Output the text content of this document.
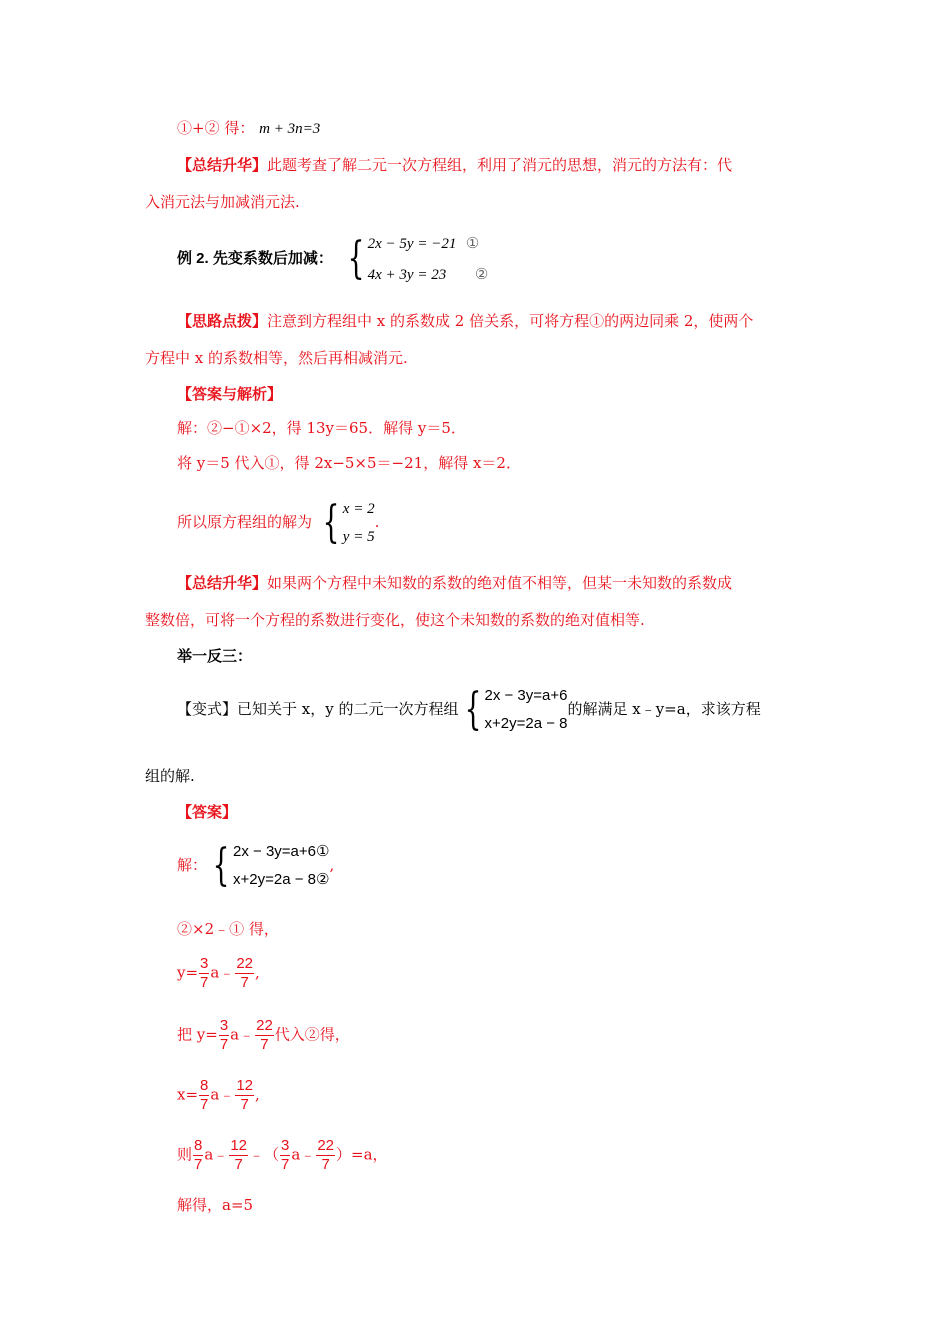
①+② 得： m + 3n=3
【总结升华】此题考查了解二元一次方程组，利用了消元的思想，消元的方法有：代
入消元法与加减消元法.
例 2. 先变系数后加减： { 2x − 5y = −21 ①
4x + 3y = 23 ②
【思路点拨】注意到方程组中 x 的系数成 2 倍关系，可将方程①的两边同乘 2，使两个
方程中 x 的系数相等，然后再相减消元.
【答案与解析】
解：②−①×2，得 13y＝65．解得 y＝5．
将 y＝5 代入①，得 2x−5×5＝−21，解得 x＝2．
所以原方程组的解为 { x = 2
y = 5
.
【总结升华】如果两个方程中未知数的系数的绝对值不相等，但某一未知数的系数成
整数倍，可将一个方程的系数进行变化，使这个未知数的系数的绝对值相等.
举一反三：
【变式】已知关于 x，y 的二元一次方程组 { 2x − 3y=a+6
x+2y=2a − 8
的解满足 x﹣y=a，求该方程
组的解.
【答案】
解： { 2x − 3y=a+6①
x+2y=2a − 8②
,
②×2﹣① 得，
$y= \frac{3}{7}$ a﹣ $\frac{22}{7}$ ,
把 $y= \frac{3}{7}$ a﹣ $\frac{22}{7}$ 代入②得，
$x= \frac{8}{7}$ a﹣ $\frac{12}{7}$ ,
则 $\frac{8}{7}$ a﹣ $\frac{12}{7}$ ﹣（ $\frac{3}{7}$ a﹣ $\frac{22}{7} )=a$，
解得，a=5
